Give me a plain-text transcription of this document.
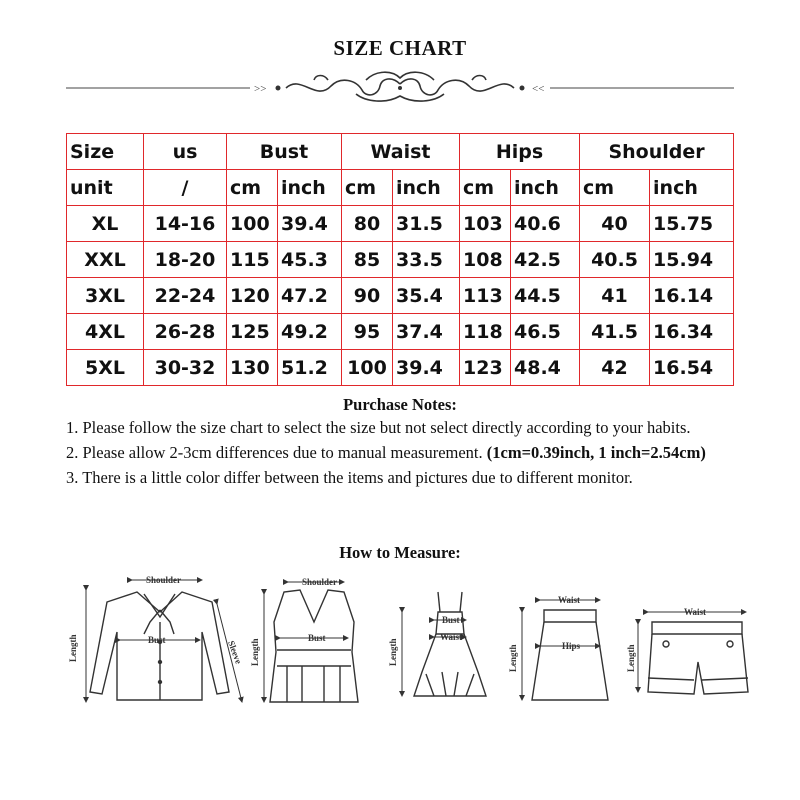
SIZE CHART
>>	<<
Size	us	Bust		Waist		Hips		Shoulder	
unit	/	cm	inch	cm	inch	cm	inch	cm	inch
XL	14-16	100	39.4	80	31.5	103	40.6	40	15.75
XXL	18-20	115	45.3	85	33.5	108	42.5	40.5	15.94
3XL	22-24	120	47.2	90	35.4	113	44.5	41	16.14
4XL	26-28	125	49.2	95	37.4	118	46.5	41.5	16.34
5XL	30-32	130	51.2	100	39.4	123	48.4	42	16.54
Purchase Notes:

1. Please follow the size chart to select the size but not select directly according to your habits.

2. Please allow 2-3cm differences due to manual measurement. (1cm=0.39inch, 1 inch=2.54cm)

3. There is a little color differ between the items and pictures due to different monitor.

How to Measure:
Shoulder
Bust
Length	Sleeve
Shoulder
Bust
Length
Bust
Waist
Length
Waist
Hips
Length
Waist
Length
